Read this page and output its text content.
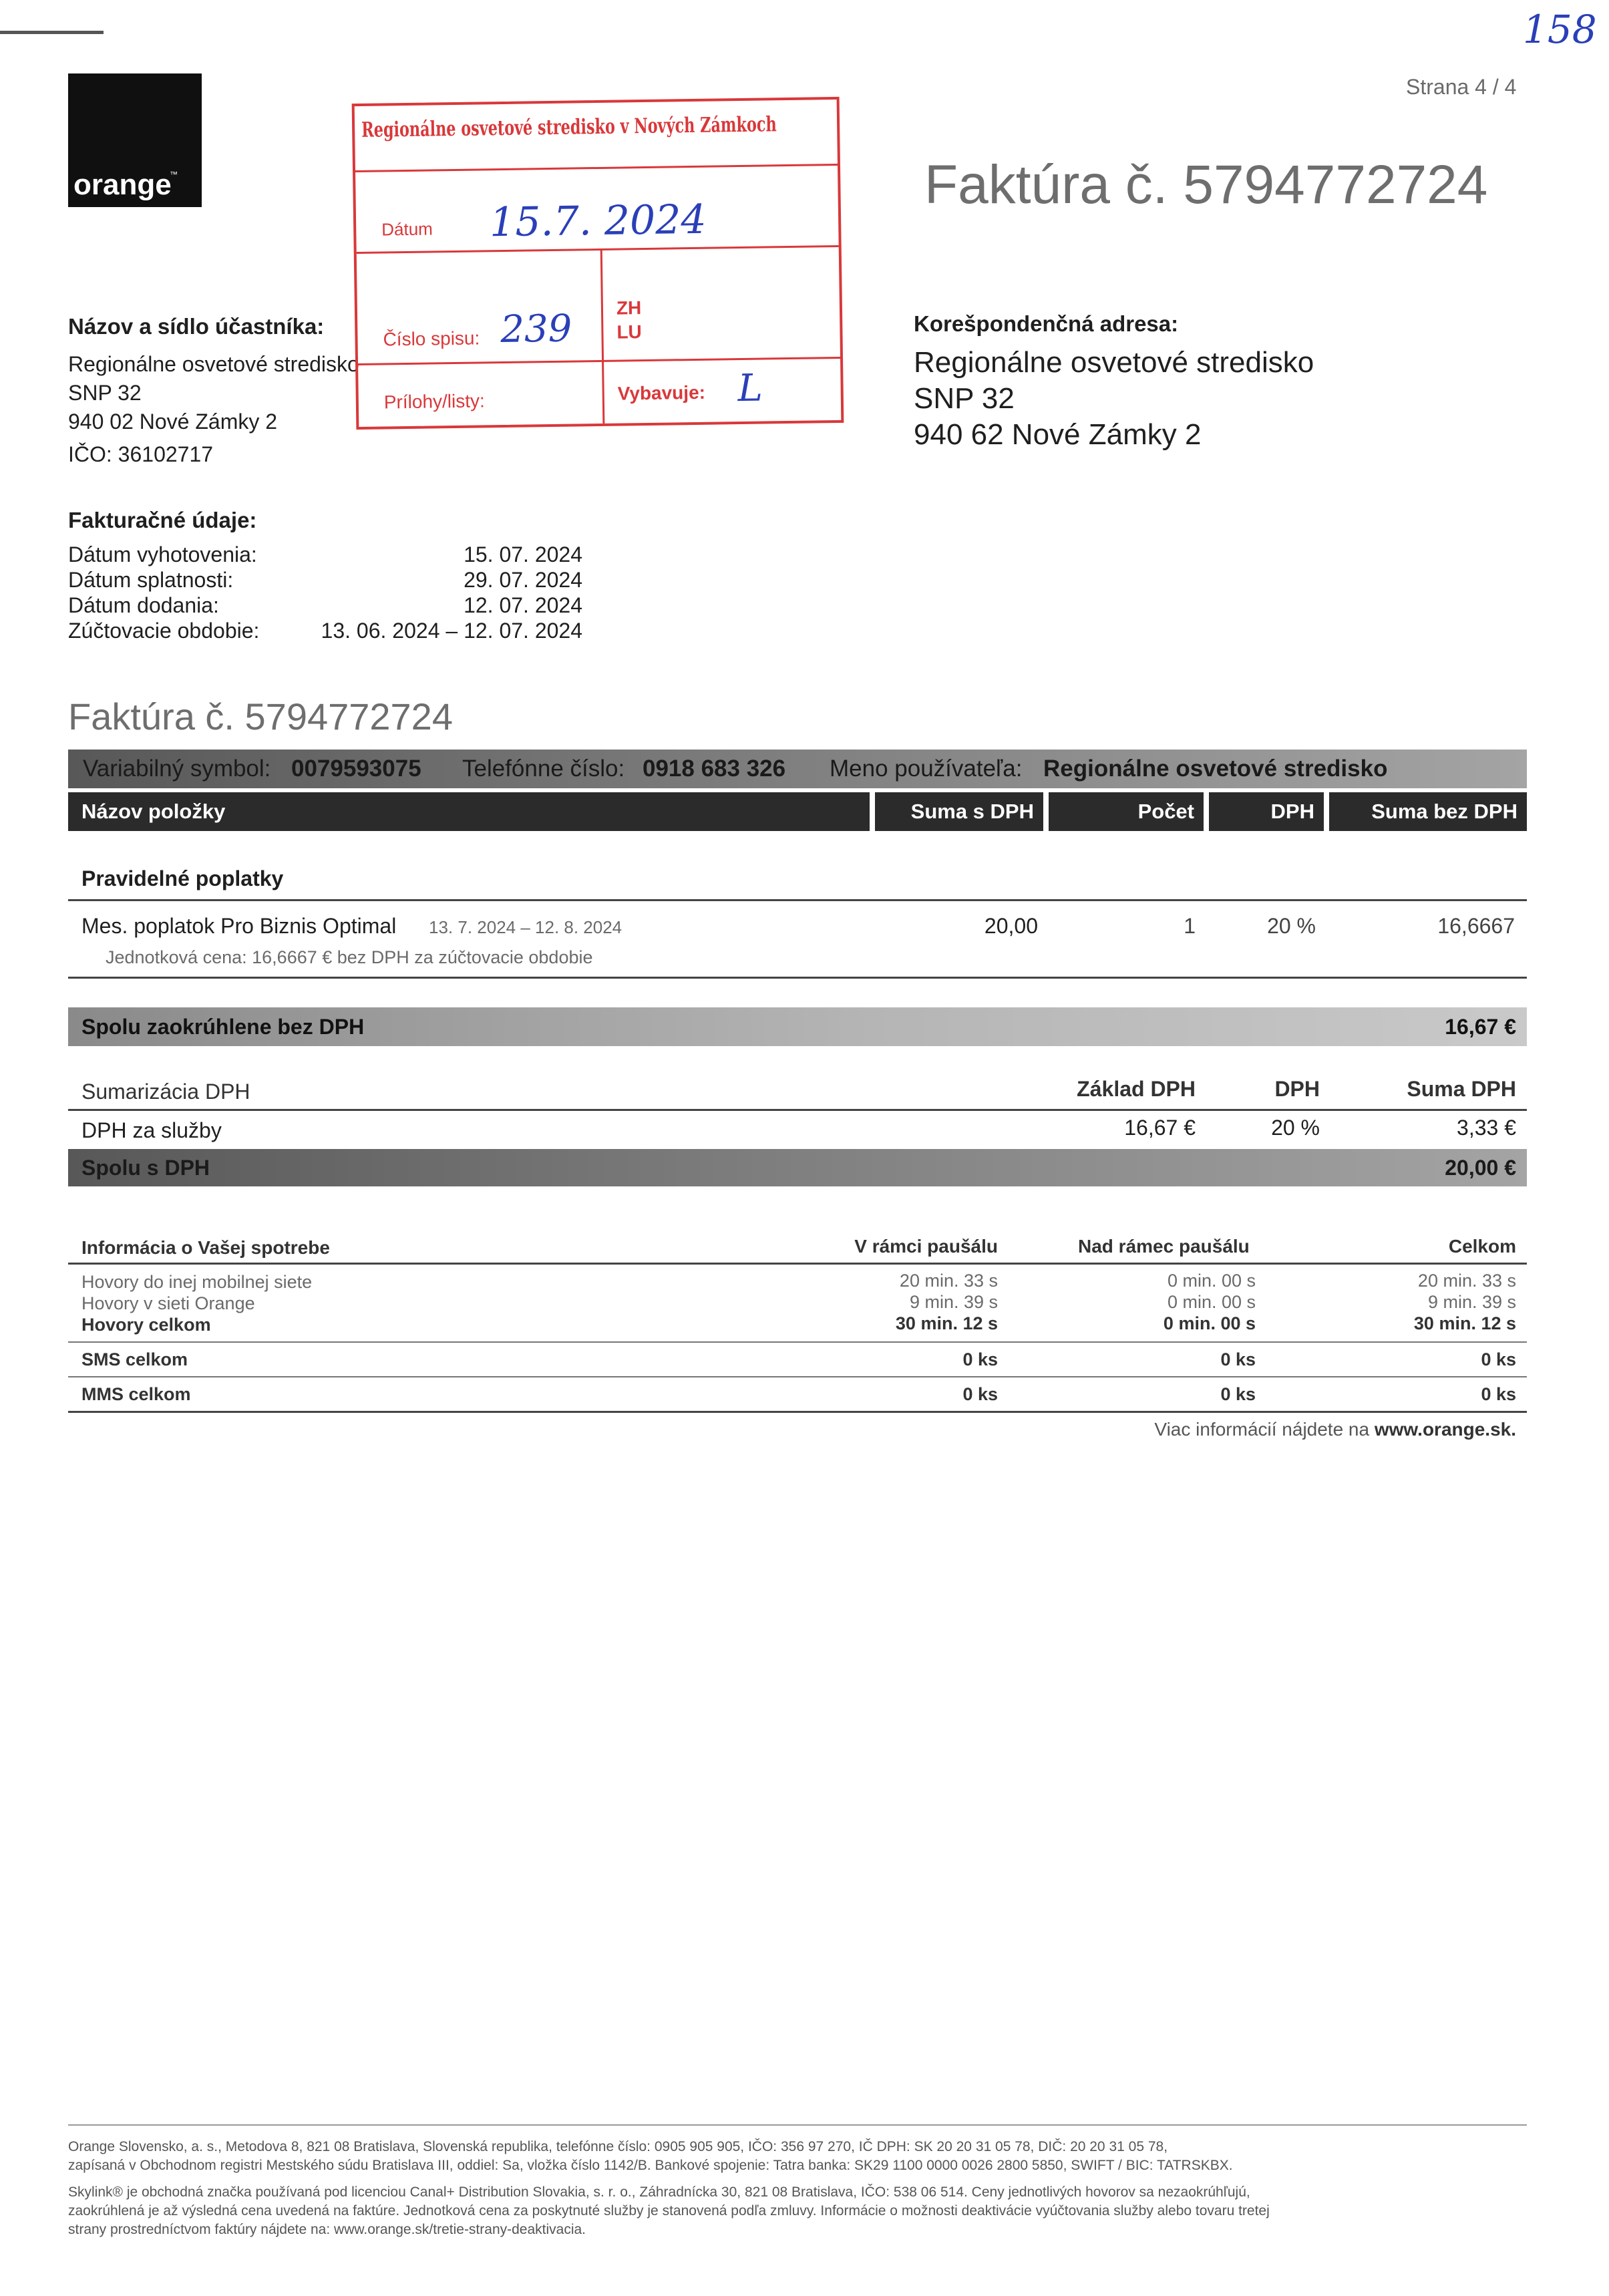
158
Strana 4 / 4
orange
™	Faktúra č. 5794772724
Názov a sídlo účastníka:
Regionálne osvetové stredisko
SNP 32
940 02 Nové Zámky 2
IČO: 36102717
Korešpondenčná adresa:
Regionálne osvetové stredisko
SNP 32
940 62 Nové Zámky 2
Regionálne osvetové stredisko v Nových Zámkoch
Dátum 15.7. 2024
Číslo spisu: 239 ZH LU
Prílohy/listy:	Vybavuje: L
Fakturačné údaje:
Dátum vyhotovenia:	15. 07. 2024
Dátum splatnosti:	29. 07. 2024
Dátum dodania:	12. 07. 2024
Zúčtovacie obdobie:	13. 06. 2024 – 12. 07. 2024
Faktúra č. 5794772724
Variabilný symbol: 0079593075 Telefónne číslo: 0918 683 326 Meno používateľa: Regionálne osvetové stredisko
Názov položky	Suma s DPH	Počet	DPH	Suma bez DPH
Pravidelné poplatky
Mes. poplatok Pro Biznis Optimal 13. 7. 2024 – 12. 8. 2024
Jednotková cena: 16,6667 € bez DPH za zúčtovacie obdobie
20,00	1	20 %	16,6667
Spolu zaokrúhlene bez DPH	16,67 €
Sumarizácia DPH	Základ DPH	DPH	Suma DPH
DPH za služby	16,67 €	20 %	3,33 €
Spolu s DPH	20,00 €
Informácia o Vašej spotrebe	V rámci paušálu	Nad rámec paušálu	Celkom
Hovory do inej mobilnej siete	20 min. 33 s	0 min. 00 s	20 min. 33 s
Hovory v sieti Orange	9 min. 39 s	0 min. 00 s	9 min. 39 s
Hovory celkom	30 min. 12 s	0 min. 00 s	30 min. 12 s
SMS celkom	0 ks	0 ks	0 ks
MMS celkom	0 ks	0 ks	0 ks
Viac informácií nájdete na www.orange.sk.
Orange Slovensko, a. s., Metodova 8, 821 08 Bratislava, Slovenská republika, telefónne číslo: 0905 905 905, IČO: 356 97 270, IČ DPH: SK 20 20 31 05 78, DIČ: 20 20 31 05 78,
zapísaná v Obchodnom registri Mestského súdu Bratislava III, oddiel: Sa, vložka číslo 1142/B. Bankové spojenie: Tatra banka: SK29 1100 0000 0026 2800 5850, SWIFT / BIC: TATRSKBX.
Skylink® je obchodná značka používaná pod licenciou Canal+ Distribution Slovakia, s. r. o., Záhradnícka 30, 821 08 Bratislava, IČO: 538 06 514. Ceny jednotlivých hovorov sa nezaokrúhľujú,
zaokrúhlená je až výsledná cena uvedená na faktúre. Jednotková cena za poskytnuté služby je stanovená podľa zmluvy. Informácie o možnosti deaktivácie vyúčtovania služby alebo tovaru tretej
strany prostredníctvom faktúry nájdete na: www.orange.sk/tretie-strany-deaktivacia.
